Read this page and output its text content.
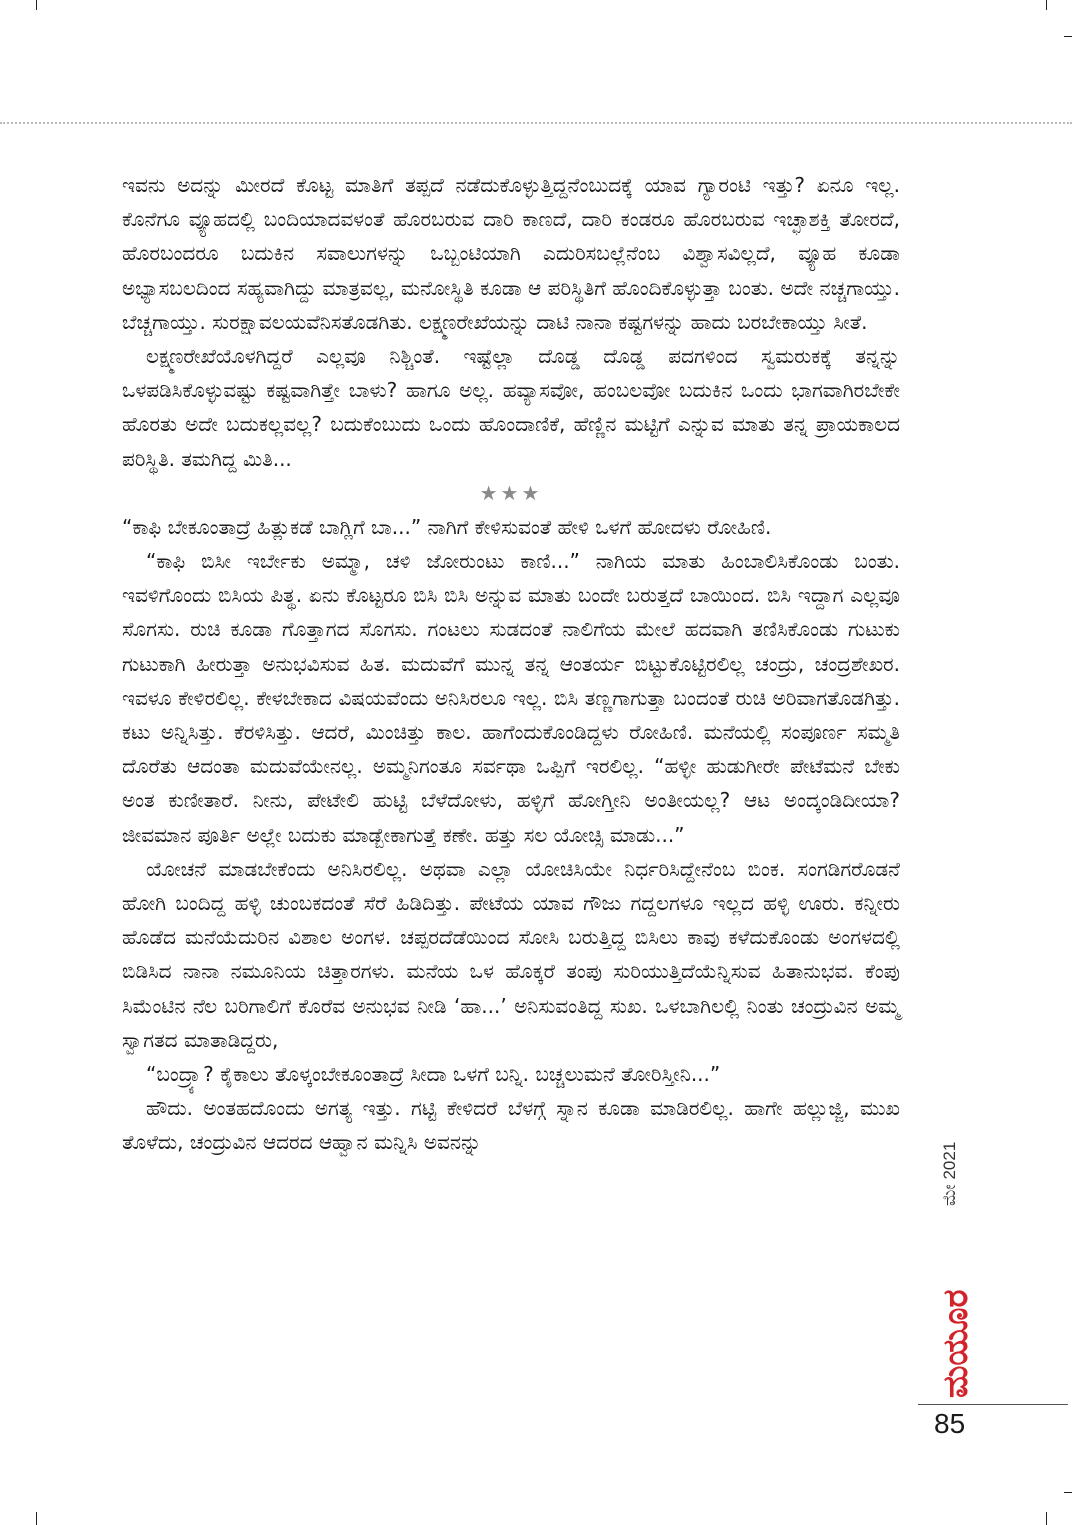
ಇವನು ಅದನ್ನು ಮೀರದೆ ಕೊಟ್ಟ ಮಾತಿಗೆ ತಪ್ಪದೆ ನಡೆದುಕೊಳ್ಳುತ್ತಿದ್ದನೆಂಬುದಕ್ಕೆ ಯಾವ ಗ್ಯಾರಂಟಿ ಇತ್ತು? ಏನೂ ಇಲ್ಲ. ಕೊನೆಗೂ ವ್ಯೂಹದಲ್ಲಿ ಬಂದಿಯಾದವಳಂತೆ ಹೊರಬರುವ ದಾರಿ ಕಾಣದೆ, ದಾರಿ ಕಂಡರೂ ಹೊರಬರುವ ಇಚ್ಛಾಶಕ್ತಿ ತೋರದೆ, ಹೊರಬಂದರೂ ಬದುಕಿನ ಸವಾಲುಗಳನ್ನು ಒಬ್ಬಂಟಿಯಾಗಿ ಎದುರಿಸಬಲ್ಲೆನೆಂಬ ವಿಶ್ವಾಸವಿಲ್ಲದೆ, ವ್ಯೂಹ ಕೂಡಾ ಅಭ್ಯಾಸಬಲದಿಂದ ಸಹ್ಯವಾಗಿದ್ದು ಮಾತ್ರವಲ್ಲ, ಮನೋಸ್ಥಿತಿ ಕೂಡಾ ಆ ಪರಿಸ್ಥಿತಿಗೆ ಹೊಂದಿಕೊಳ್ಳುತ್ತಾ ಬಂತು. ಅದೇ ನಚ್ಚಗಾಯ್ತು. ಬೆಚ್ಚಗಾಯ್ತು. ಸುರಕ್ಷಾವಲಯವೆನಿಸತೊಡಗಿತು. ಲಕ್ಷ್ಮಣರೇಖೆಯನ್ನು ದಾಟಿ ನಾನಾ ಕಷ್ಟಗಳನ್ನು ಹಾದು ಬರಬೇಕಾಯ್ತು ಸೀತೆ.

ಲಕ್ಷ್ಮಣರೇಖೆಯೊಳಗಿದ್ದರೆ ಎಲ್ಲವೂ ನಿಶ್ಚಿಂತೆ. ಇಷ್ಟೆಲ್ಲಾ ದೊಡ್ಡ ದೊಡ್ಡ ಪದಗಳಿಂದ ಸ್ವಮರುಕಕ್ಕೆ ತನ್ನನ್ನು ಒಳಪಡಿಸಿಕೊಳ್ಳುವಷ್ಟು ಕಷ್ಟವಾಗಿತ್ತೇ ಬಾಳು? ಹಾಗೂ ಅಲ್ಲ. ಹವ್ಯಾಸವೋ, ಹಂಬಲವೋ ಬದುಕಿನ ಒಂದು ಭಾಗವಾಗಿರಬೇಕೇ ಹೊರತು ಅದೇ ಬದುಕಲ್ಲವಲ್ಲ? ಬದುಕೆಂಬುದು ಒಂದು ಹೊಂದಾಣಿಕೆ, ಹೆಣ್ಣಿನ ಮಟ್ಟಿಗೆ ಎನ್ನುವ ಮಾತು ತನ್ನ ಪ್ರಾಯಕಾಲದ ಪರಿಸ್ಥಿತಿ. ತಮಗಿದ್ದ ಮಿತಿ...

★★★

“ಕಾಫಿ ಬೇಕೂಂತಾದ್ರೆ ಹಿತ್ಲುಕಡೆ ಬಾಗ್ಲಿಗೆ ಬಾ...” ನಾಗಿಗೆ ಕೇಳಿಸುವಂತೆ ಹೇಳಿ ಒಳಗೆ ಹೋದಳು ರೋಹಿಣಿ.

“ಕಾಫಿ ಬಿಸೀ ಇರ್ಬೇಕು ಅಮ್ಮಾ, ಚಳಿ ಜೋರುಂಟು ಕಾಣಿ...” ನಾಗಿಯ ಮಾತು ಹಿಂಬಾಲಿಸಿಕೊಂಡು ಬಂತು. ಇವಳಿಗೊಂದು ಬಿಸಿಯ ಪಿತ್ಥ. ಏನು ಕೊಟ್ಟರೂ ಬಿಸಿ ಬಿಸಿ ಅನ್ನುವ ಮಾತು ಬಂದೇ ಬರುತ್ತದೆ ಬಾಯಿಂದ. ಬಿಸಿ ಇದ್ದಾಗ ಎಲ್ಲವೂ ಸೊಗಸು. ರುಚಿ ಕೂಡಾ ಗೊತ್ತಾಗದ ಸೊಗಸು. ಗಂಟಲು ಸುಡದಂತೆ ನಾಲಿಗೆಯ ಮೇಲೆ ಹದವಾಗಿ ತಣಿಸಿಕೊಂಡು ಗುಟುಕು ಗುಟುಕಾಗಿ ಹೀರುತ್ತಾ ಅನುಭವಿಸುವ ಹಿತ. ಮದುವೆಗೆ ಮುನ್ನ ತನ್ನ ಆಂತರ್ಯ ಬಿಟ್ಟುಕೊಟ್ಟಿರಲಿಲ್ಲ ಚಂದ್ರು, ಚಂದ್ರಶೇಖರ. ಇವಳೂ ಕೇಳಿರಲಿಲ್ಲ. ಕೇಳಬೇಕಾದ ವಿಷಯವೆಂದು ಅನಿಸಿರಲೂ ಇಲ್ಲ. ಬಿಸಿ ತಣ್ಣಗಾಗುತ್ತಾ ಬಂದಂತೆ ರುಚಿ ಅರಿವಾಗತೊಡಗಿತ್ತು. ಕಟು ಅನ್ನಿಸಿತ್ತು. ಕೆರಳಿಸಿತ್ತು. ಆದರೆ, ಮಿಂಚಿತ್ತು ಕಾಲ. ಹಾಗೆಂದುಕೊಂಡಿದ್ದಳು ರೋಹಿಣಿ. ಮನೆಯಲ್ಲಿ ಸಂಪೂರ್ಣ ಸಮ್ಮತಿ ದೊರೆತು ಆದಂತಾ ಮದುವೆಯೇನಲ್ಲ. ಅಮ್ಮನಿಗಂತೂ ಸರ್ವಥಾ ಒಪ್ಪಿಗೆ ಇರಲಿಲ್ಲ. “ಹಳ್ಳೀ ಹುಡುಗೀರೇ ಪೇಟೆಮನೆ ಬೇಕು ಅಂತ ಕುಣೀತಾರೆ. ನೀನು, ಪೇಟೇಲಿ ಹುಟ್ಟಿ ಬೆಳೆದೋಳು, ಹಳ್ಳಿಗೆ ಹೋಗ್ತೀನಿ ಅಂತೀಯಲ್ಲ? ಆಟ ಅಂದ್ಕಂಡಿದೀಯಾ? ಜೀವಮಾನ ಪೂರ್ತಿ ಅಲ್ಲೇ ಬದುಕು ಮಾಡ್ಬೇಕಾಗುತ್ತೆ ಕಣೇ. ಹತ್ತು ಸಲ ಯೋಚ್ಸಿ ಮಾಡು...”

ಯೋಚನೆ ಮಾಡಬೇಕೆಂದು ಅನಿಸಿರಲಿಲ್ಲ. ಅಥವಾ ಎಲ್ಲಾ ಯೋಚಿಸಿಯೇ ನಿರ್ಧರಿಸಿದ್ದೇನೆಂಬ ಬಿಂಕ. ಸಂಗಡಿಗರೊಡನೆ ಹೋಗಿ ಬಂದಿದ್ದ ಹಳ್ಳಿ ಚುಂಬಕದಂತೆ ಸೆರೆ ಹಿಡಿದಿತ್ತು. ಪೇಟೆಯ ಯಾವ ಗೌಜು ಗದ್ದಲಗಳೂ ಇಲ್ಲದ ಹಳ್ಳಿ ಊರು. ಕನ್ನೀರು ಹೊಡೆದ ಮನೆಯೆದುರಿನ ವಿಶಾಲ ಅಂಗಳ. ಚಪ್ಪರದೆಡೆಯಿಂದ ಸೋಸಿ ಬರುತ್ತಿದ್ದ ಬಿಸಿಲು ಕಾವು ಕಳೆದುಕೊಂಡು ಅಂಗಳದಲ್ಲಿ ಬಿಡಿಸಿದ ನಾನಾ ನಮೂನಿಯ ಚಿತ್ತಾರಗಳು. ಮನೆಯ ಒಳ ಹೊಕ್ಕರೆ ತಂಪು ಸುರಿಯುತ್ತಿದೆಯೆನ್ನಿಸುವ ಹಿತಾನುಭವ. ಕೆಂಪು ಸಿಮೆಂಟಿನ ನೆಲ ಬರಿಗಾಲಿಗೆ ಕೊರೆವ ಅನುಭವ ನೀಡಿ ‘ಹಾ...’ ಅನಿಸುವಂತಿದ್ದ ಸುಖ. ಒಳಬಾಗಿಲಲ್ಲಿ ನಿಂತು ಚಂದ್ರುವಿನ ಅಮ್ಮ ಸ್ವಾಗತದ ಮಾತಾಡಿದ್ದರು,

“ಬಂದ್ರ್ಯಾ? ಕೈಕಾಲು ತೊಳ್ಕಂಬೇಕೂಂತಾದ್ರೆ ಸೀದಾ ಒಳಗೆ ಬನ್ನಿ. ಬಚ್ಚಲುಮನೆ ತೋರಿಸ್ತೀನಿ...”

ಹೌದು. ಅಂತಹದೊಂದು ಅಗತ್ಯ ಇತ್ತು. ಗಟ್ಟಿ ಕೇಳಿದರೆ ಬೆಳಗ್ಗೆ ಸ್ನಾನ ಕೂಡಾ ಮಾಡಿರಲಿಲ್ಲ. ಹಾಗೇ ಹಲ್ಲುಜ್ಜಿ, ಮುಖ ತೊಳೆದು, ಚಂದ್ರುವಿನ ಆದರದ ಆಹ್ವಾನ ಮನ್ನಿಸಿ ಅವನನ್ನು	ಮೇ 2021
ಮಯೂರ
85
